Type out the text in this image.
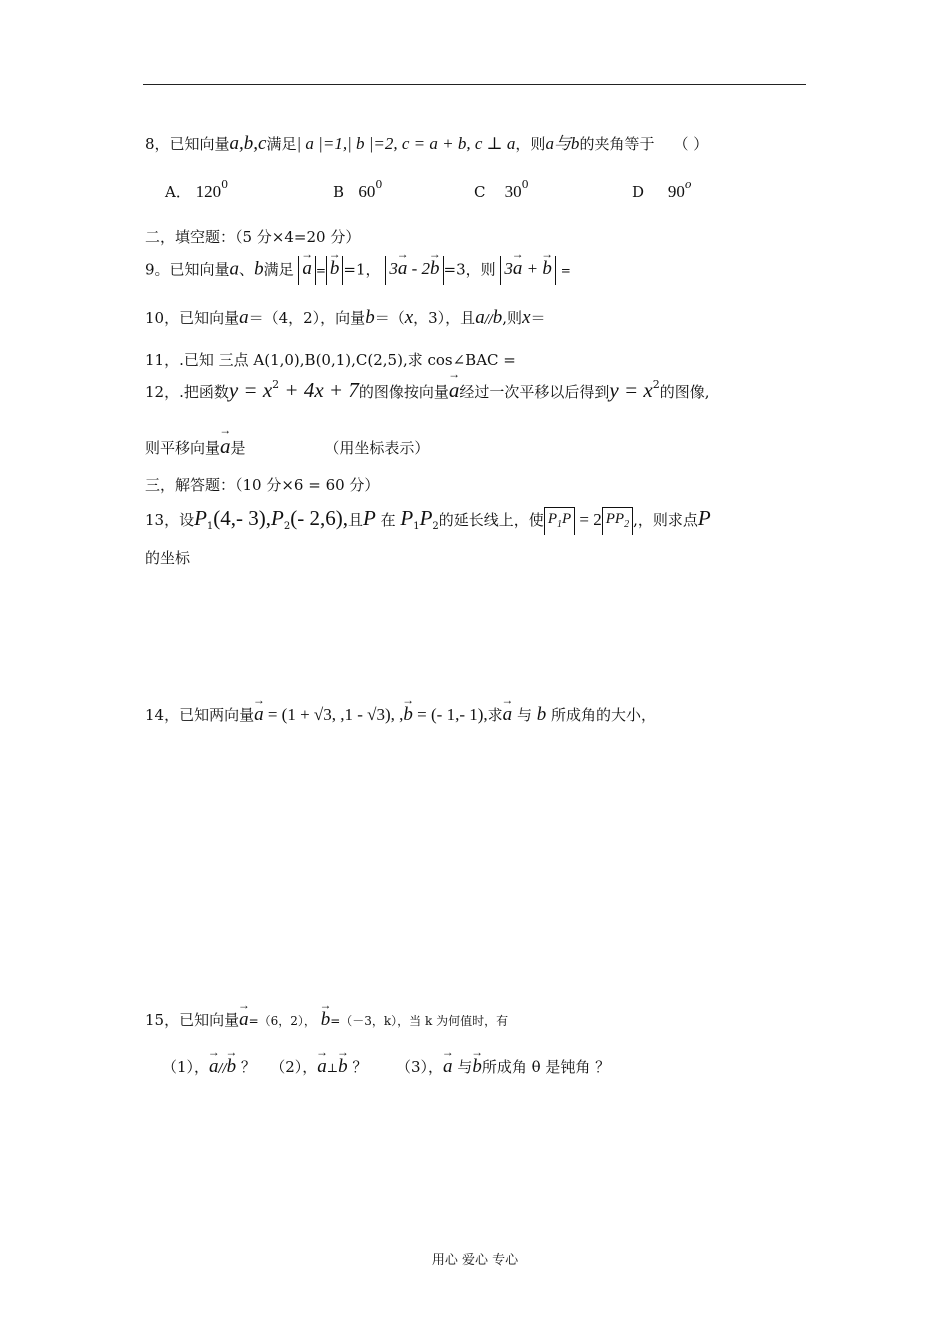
8，已知向量a,b,c满足| a |=1,| b |=2, c = a + b, c ⊥ a，则a与b的夹角等于 （ ）
A． $120^0$	B $60^0$	C $30^0$	D 90$^o$
二，填空题：（5 分×4=20 分）
9。已知向量a、b满足 → a = → b =1， 3→ a - 2→ b =3，则 3→ a + → b =
10，已知向量a＝（4，2），向量b＝（x，3），且a//b,则x＝
11，.已知 三点 A(1,0),B(0,1),C(2,5),求 cos∠BAC =
12，.把函数$y = x^2 + 4x + 7$的图像按向量→ a经过一次平移以后得到$y = x^2$的图像,
则平移向量→ a是	（用坐标表示）
三，解答题：（10 分×6 = 60 分）
13，设$P_1(4,-$ $3),P_2(-$ 2,6),且P 在 $P_1P_2$的延长线上，使 $P_1P = 2$ $PP_2$ ,，则求点P
的坐标
14，已知两向量→ a = (1 + √3, ,1 - √3), ,→ b = (- 1,- 1),求→ a 与 b 所成角的大小，
15，已知向量→ a=（6，2）， → b=（－3，k），当 k 为何值时，有
（1），→ a//→ b ？ （2），→ a⊥→ b ？ （3），→ a 与→ b所成角 θ 是钝角 ？
用心 爱心 专心
